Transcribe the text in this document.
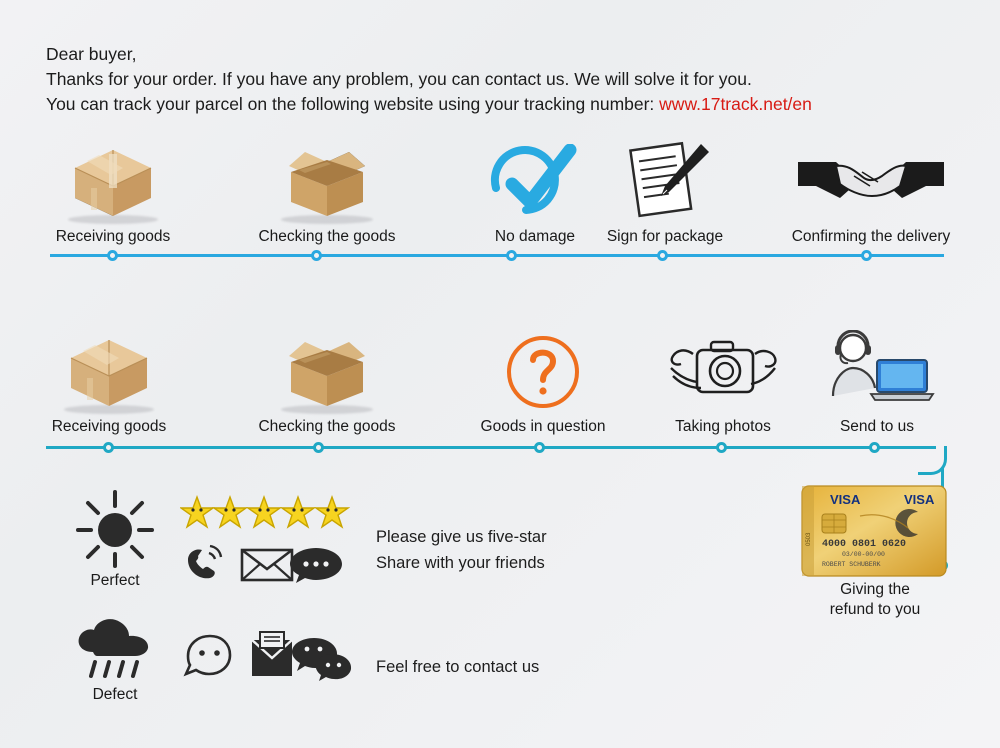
Dear buyer,
Thanks for your order. If you have any problem, you can contact us. We will solve it for you.
You can track your parcel on the following website using your tracking number: www.17track.net/en
Receiving goods	Checking the goods	No damage	Sign for package	Confirming the delivery
Receiving goods	Checking the goods	Goods in question	Taking photos	Send to us
Perfect
Please give us five-star
Share with your friends
Defect
Feel free to contact us
VISA	VISA
4000 0801 0620
03/00-00/00
ROBERT SCHUBERK
0503
Giving the
refund to you
